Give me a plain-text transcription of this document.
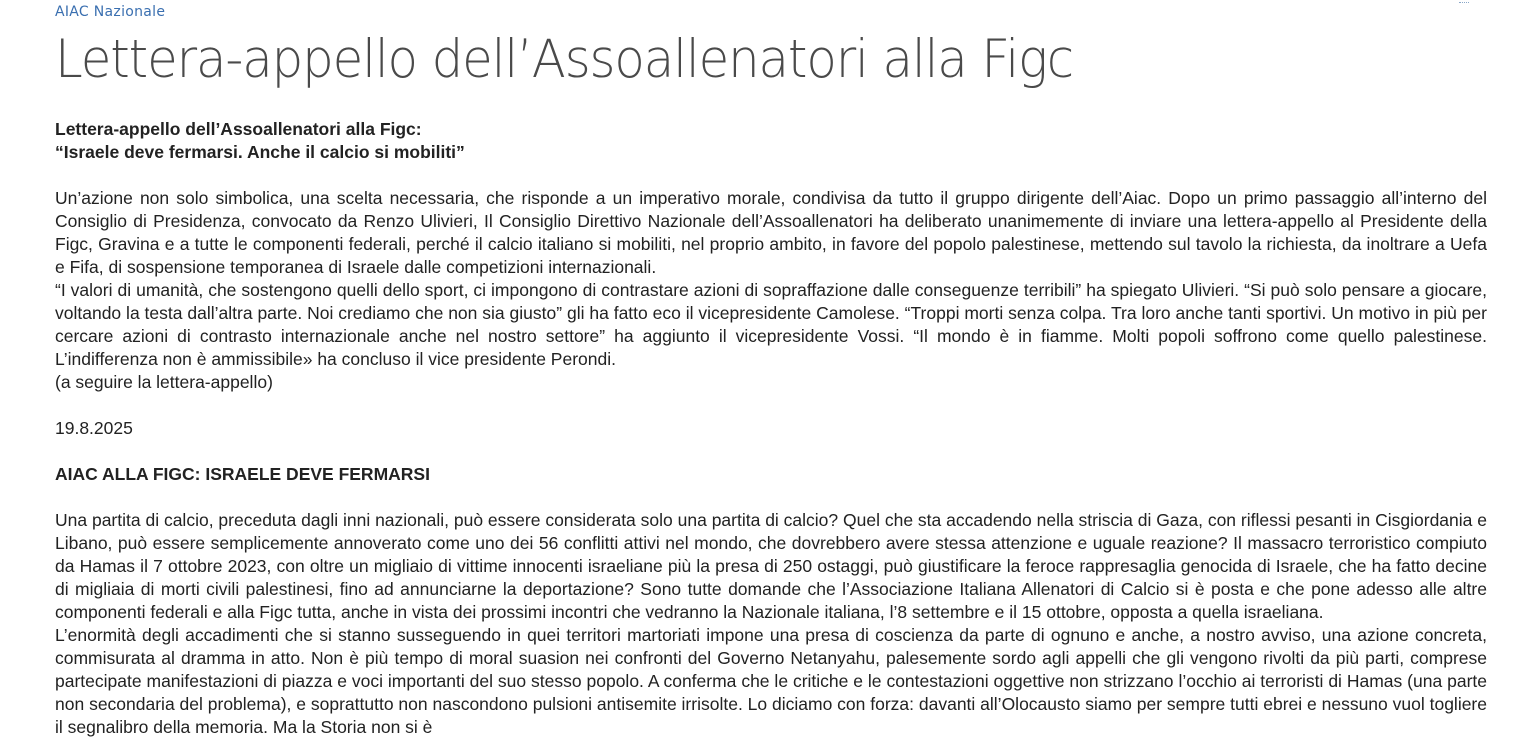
AIAC Nazionale
Lettera-appello dell’Assoallenatori alla Figc

Lettera-appello dell’Assoallenatori alla Figc:

“Israele deve fermarsi. Anche il calcio si mobiliti”

Un’azione non solo simbolica, una scelta necessaria, che risponde a un imperativo morale, condivisa da tutto il gruppo dirigente dell’Aiac. Dopo un primo passaggio all’interno del Consiglio di Presidenza, convocato da Renzo Ulivieri, Il Consiglio Direttivo Nazionale dell’Assoallenatori ha deliberato unanimemente di inviare una lettera-appello al Presidente della Figc, Gravina e a tutte le componenti federali, perché il calcio italiano si mobiliti, nel proprio ambito, in favore del popolo palestinese, mettendo sul tavolo la richiesta, da inoltrare a Uefa e Fifa, di sospensione temporanea di Israele dalle competizioni internazionali.

“I valori di umanità, che sostengono quelli dello sport, ci impongono di contrastare azioni di sopraffazione dalle conseguenze terribili” ha spiegato Ulivieri. “Si può solo pensare a giocare, voltando la testa dall’altra parte. Noi crediamo che non sia giusto” gli ha fatto eco il vicepresidente Camolese. “Troppi morti senza colpa. Tra loro anche tanti sportivi. Un motivo in più per cercare azioni di contrasto internazionale anche nel nostro settore” ha aggiunto il vicepresidente Vossi. “Il mondo è in fiamme. Molti popoli soffrono come quello palestinese. L’indifferenza non è ammissibile» ha concluso il vice presidente Perondi.

(a seguire la lettera-appello)

19.8.2025

AIAC ALLA FIGC: ISRAELE DEVE FERMARSI

Una partita di calcio, preceduta dagli inni nazionali, può essere considerata solo una partita di calcio? Quel che sta accadendo nella striscia di Gaza, con riflessi pesanti in Cisgiordania e Libano, può essere semplicemente annoverato come uno dei 56 conflitti attivi nel mondo, che dovrebbero avere stessa attenzione e uguale reazione? Il massacro terroristico compiuto da Hamas il 7 ottobre 2023, con oltre un migliaio di vittime innocenti israeliane più la presa di 250 ostaggi, può giustificare la feroce rappresaglia genocida di Israele, che ha fatto decine di migliaia di morti civili palestinesi, fino ad annunciarne la deportazione? Sono tutte domande che l’Associazione Italiana Allenatori di Calcio si è posta e che pone adesso alle altre componenti federali e alla Figc tutta, anche in vista dei prossimi incontri che vedranno la Nazionale italiana, l’8 settembre e il 15 ottobre, opposta a quella israeliana.

L’enormità degli accadimenti che si stanno susseguendo in quei territori martoriati impone una presa di coscienza da parte di ognuno e anche, a nostro avviso, una azione concreta, commisurata al dramma in atto. Non è più tempo di moral suasion nei confronti del Governo Netanyahu, palesemente sordo agli appelli che gli vengono rivolti da più parti, comprese partecipate manifestazioni di piazza e voci importanti del suo stesso popolo. A conferma che le critiche e le contestazioni oggettive non strizzano l’occhio ai terroristi di Hamas (una parte non secondaria del problema), e soprattutto non nascondono pulsioni antisemite irrisolte. Lo diciamo con forza: davanti all’Olocausto siamo per sempre tutti ebrei e nessuno vuol togliere il segnalibro della memoria. Ma la Storia non si è
